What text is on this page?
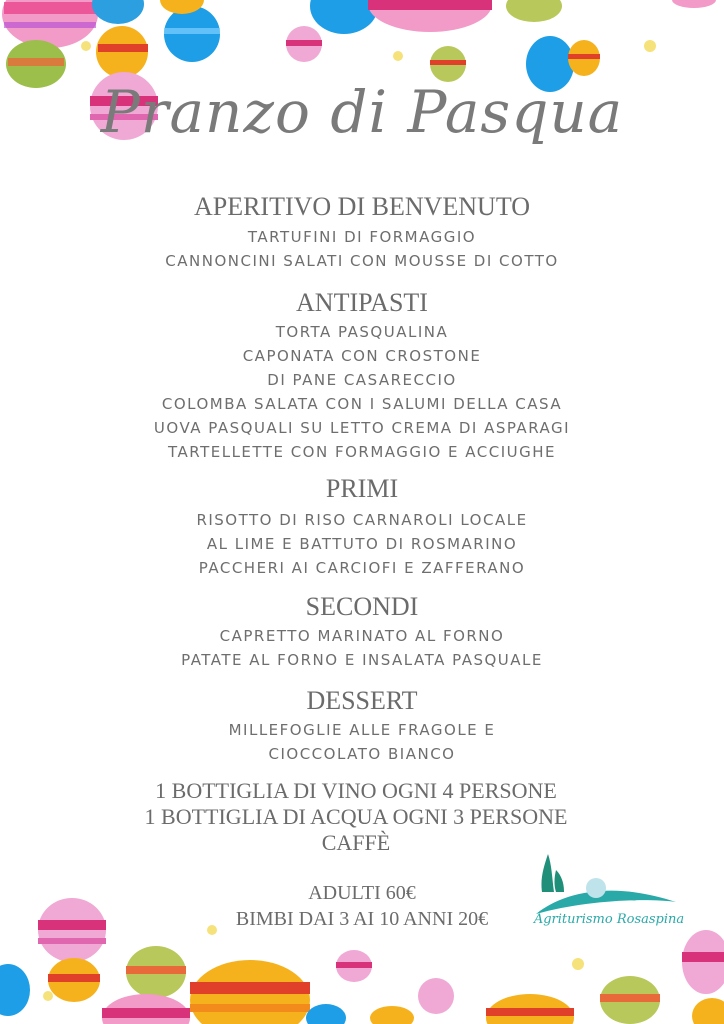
Pranzo di Pasqua
APERITIVO DI BENVENUTO
TARTUFINI DI FORMAGGIO
CANNONCINI SALATI CON MOUSSE DI COTTO
ANTIPASTI
TORTA PASQUALINA
CAPONATA CON CROSTONE
DI PANE CASARECCIO
COLOMBA SALATA CON I SALUMI DELLA CASA
UOVA PASQUALI SU LETTO CREMA DI ASPARAGI
TARTELLETTE CON FORMAGGIO E ACCIUGHE
PRIMI
RISOTTO DI RISO CARNAROLI LOCALE
AL LIME E BATTUTO DI ROSMARINO
PACCHERI AI CARCIOFI E ZAFFERANO
SECONDI
CAPRETTO MARINATO AL FORNO
PATATE AL FORNO E INSALATA PASQUALE
DESSERT
MILLEFOGLIE ALLE FRAGOLE E
CIOCCOLATO BIANCO
1 BOTTIGLIA DI VINO OGNI 4 PERSONE
1 BOTTIGLIA DI ACQUA OGNI 3 PERSONE
CAFFÈ
ADULTI 60€
BIMBI DAI 3 AI 10 ANNI 20€	Agriturismo Rosaspina
